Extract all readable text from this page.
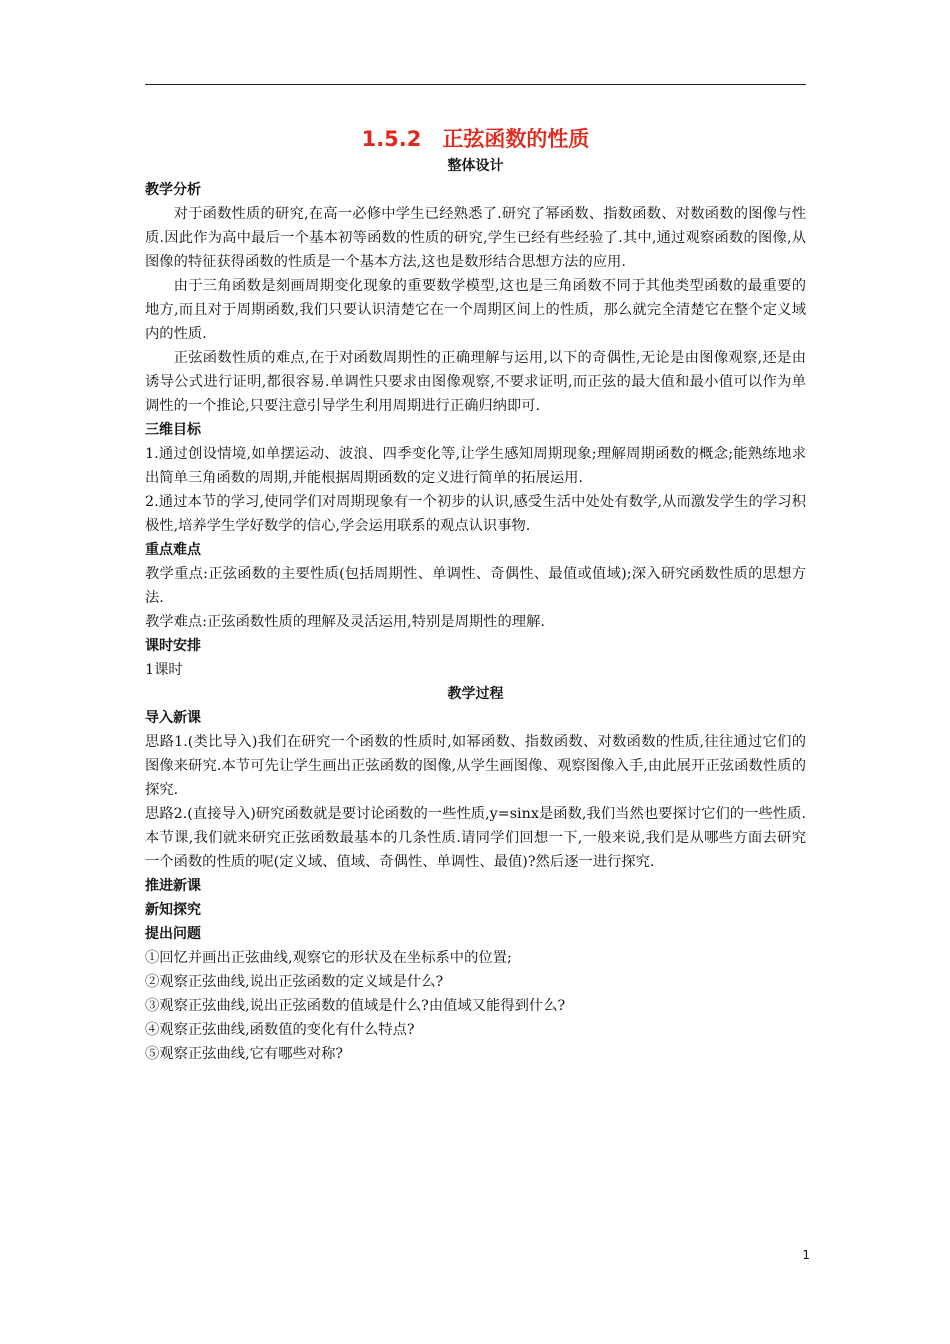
1.5.2　正弦函数的性质
整体设计
教学分析

对于函数性质的研究,在高一必修中学生已经熟悉了.研究了幂函数、指数函数、对数函数的图像与性质.因此作为高中最后一个基本初等函数的性质的研究,学生已经有些经验了.其中,通过观察函数的图像,从图像的特征获得函数的性质是一个基本方法,这也是数形结合思想方法的应用.

由于三角函数是刻画周期变化现象的重要数学模型,这也是三角函数不同于其他类型函数的最重要的地方,而且对于周期函数,我们只要认识清楚它在一个周期区间上的性质，那么就完全清楚它在整个定义域内的性质.

正弦函数性质的难点,在于对函数周期性的正确理解与运用,以下的奇偶性,无论是由图像观察,还是由诱导公式进行证明,都很容易.单调性只要求由图像观察,不要求证明,而正弦的最大值和最小值可以作为单调性的一个推论,只要注意引导学生利用周期进行正确归纳即可.

三维目标

1.通过创设情境,如单摆运动、波浪、四季变化等,让学生感知周期现象;理解周期函数的概念;能熟练地求出简单三角函数的周期,并能根据周期函数的定义进行简单的拓展运用.

2.通过本节的学习,使同学们对周期现象有一个初步的认识,感受生活中处处有数学,从而激发学生的学习积极性,培养学生学好数学的信心,学会运用联系的观点认识事物.

重点难点

教学重点:正弦函数的主要性质(包括周期性、单调性、奇偶性、最值或值域);深入研究函数性质的思想方法.

教学难点:正弦函数性质的理解及灵活运用,特别是周期性的理解.

课时安排

1课时

教学过程
导入新课

思路1.(类比导入)我们在研究一个函数的性质时,如幂函数、指数函数、对数函数的性质,往往通过它们的图像来研究.本节可先让学生画出正弦函数的图像,从学生画图像、观察图像入手,由此展开正弦函数性质的探究.

思路2.(直接导入)研究函数就是要讨论函数的一些性质,y=sinx是函数,我们当然也要探讨它们的一些性质.本节课,我们就来研究正弦函数最基本的几条性质.请同学们回想一下,一般来说,我们是从哪些方面去研究一个函数的性质的呢(定义域、值域、奇偶性、单调性、最值)?然后逐一进行探究.

推进新课
新知探究
提出问题

①回忆并画出正弦曲线,观察它的形状及在坐标系中的位置;

②观察正弦曲线,说出正弦函数的定义域是什么?

③观察正弦曲线,说出正弦函数的值域是什么?由值域又能得到什么?

④观察正弦曲线,函数值的变化有什么特点?

⑤观察正弦曲线,它有哪些对称?

1
